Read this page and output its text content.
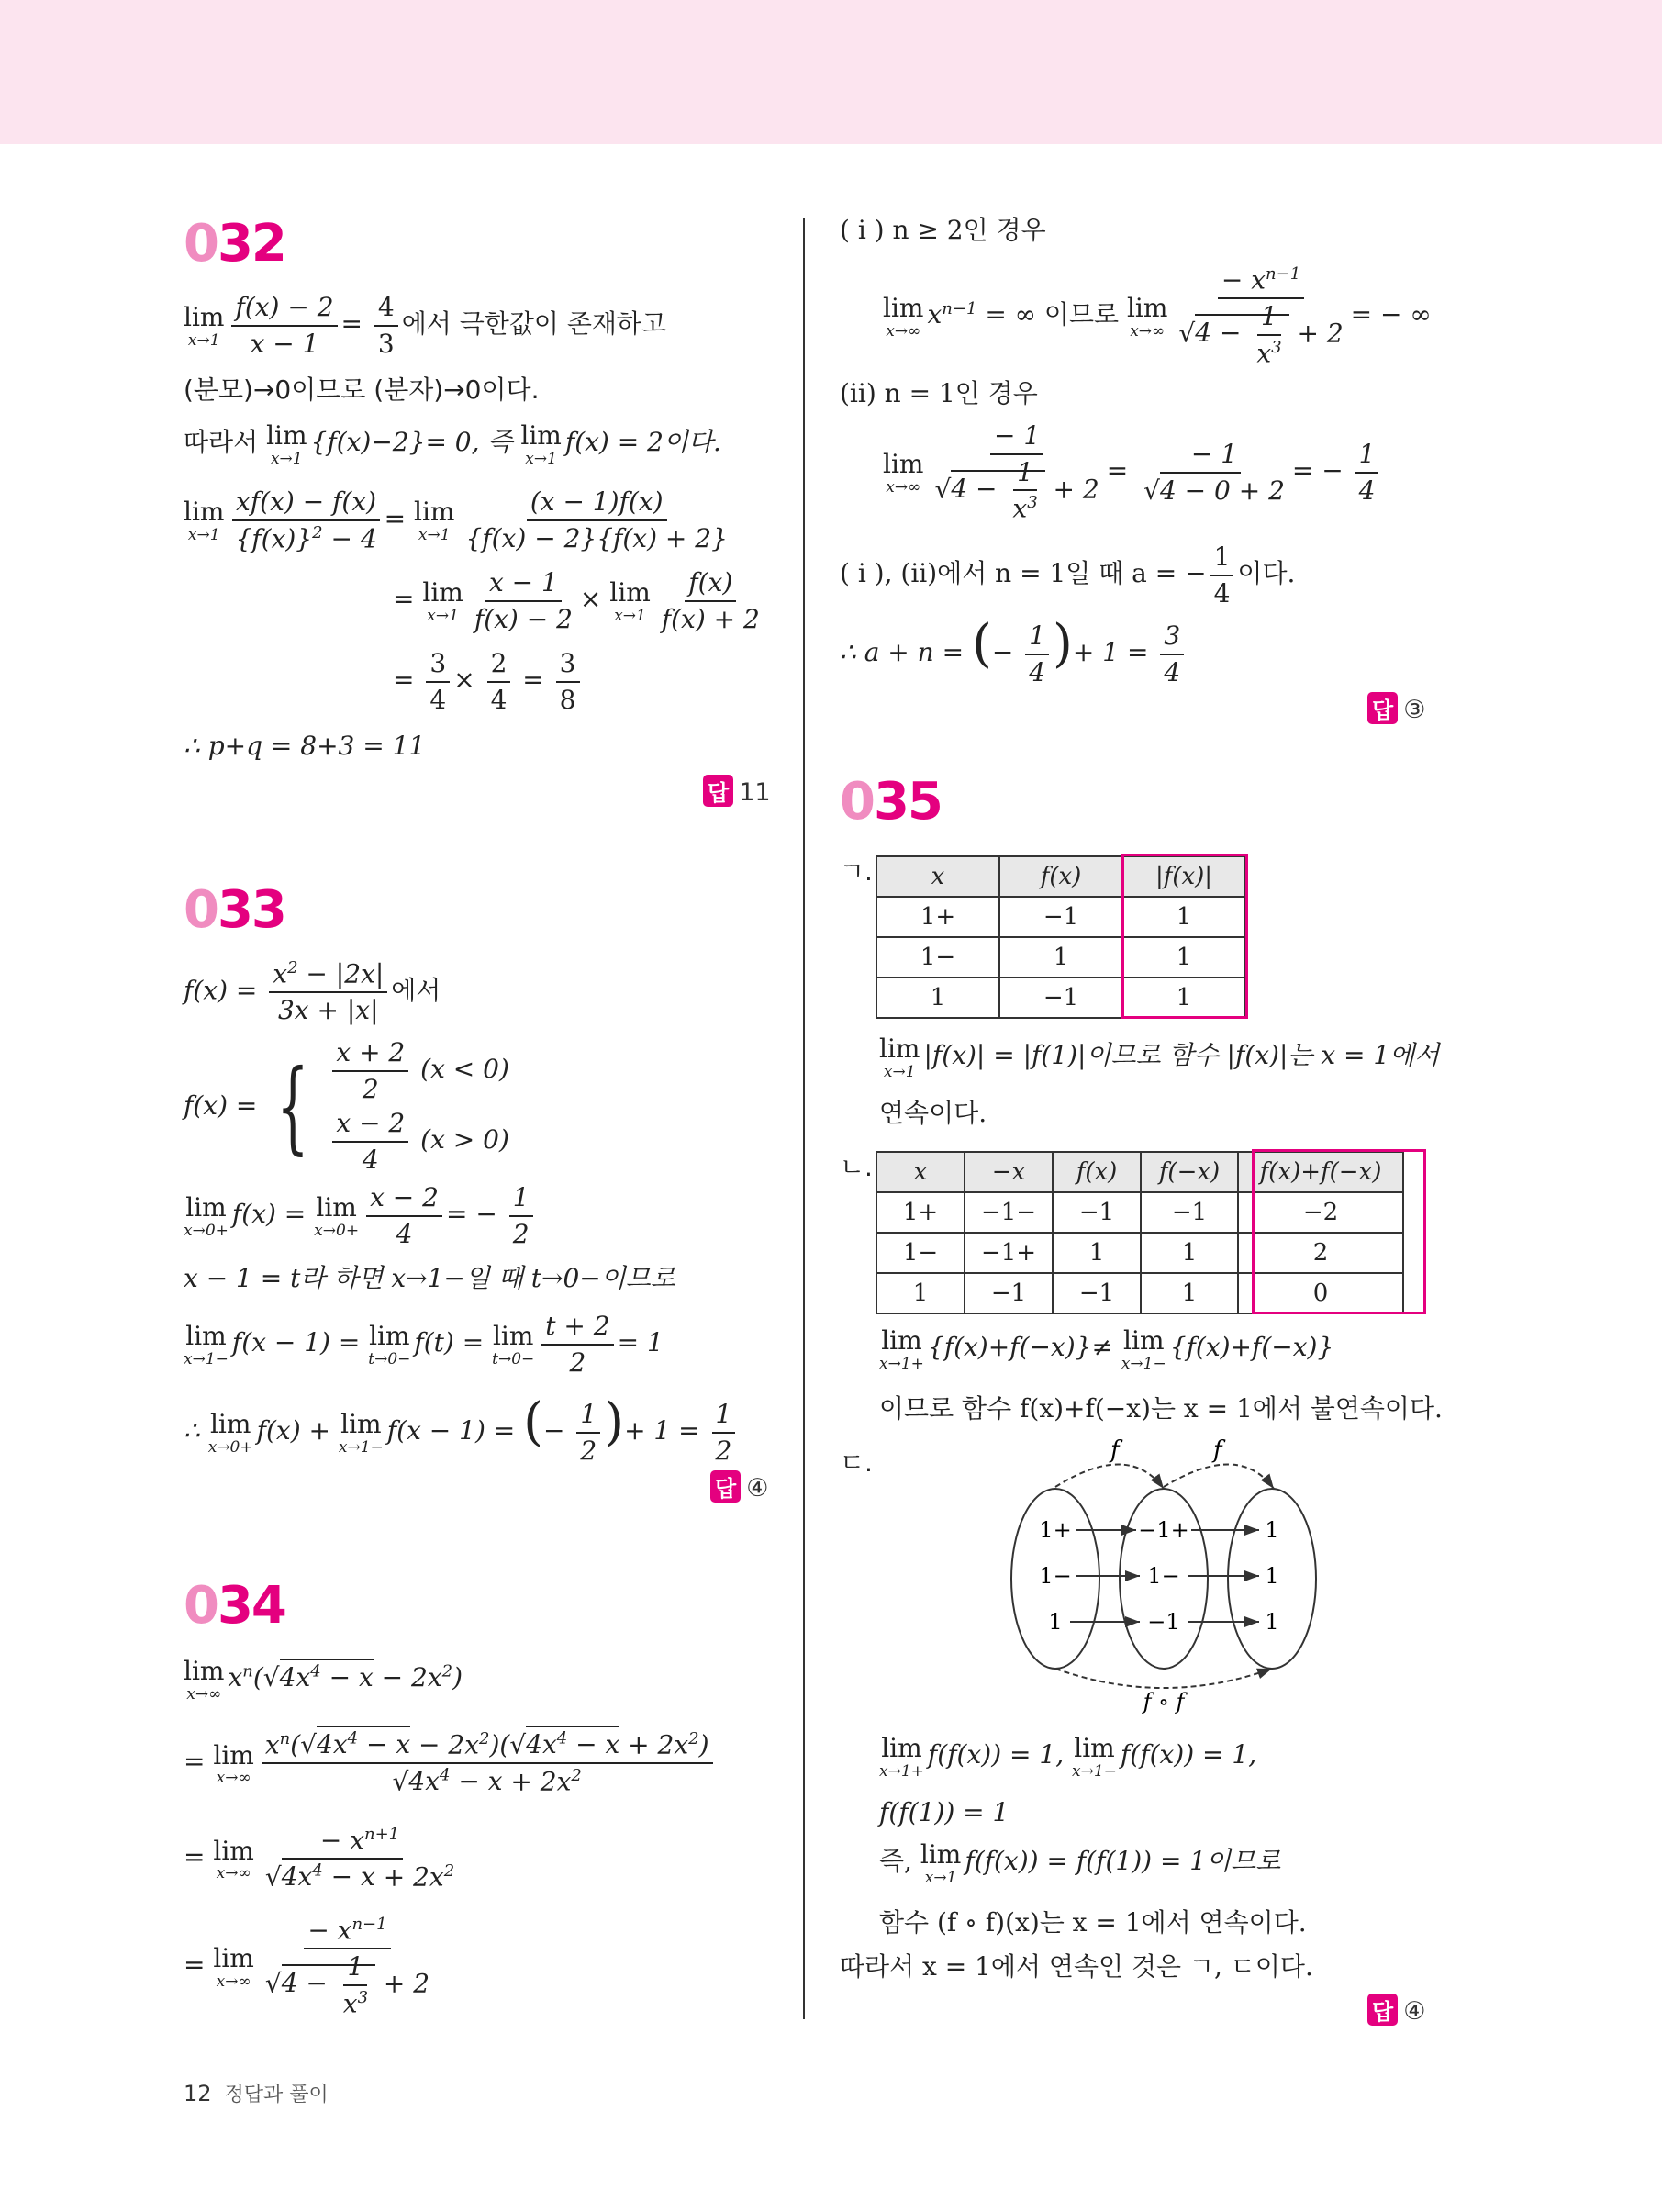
032
lim
$x\to 1 \frac{f(x) - 2}{x - 1} = \frac{4}{3}$ 에서 극한값이 존재하고
(분모)→0이므로 (분자)→0이다.
따라서 lim
x→1
{f(x)−2}= 0, 즉 lim
x→1
f(x) = 2이다.
lim
$x\to 1 \frac{xf(x) - f(x)}{\{f(x)\}^2 - 4} = \lim$
$x\to 1 \frac{(x - 1)f(x)}{\{f(x) - 2\}\{f(x) + 2\}}$
= lim
$x\to 1 \frac{x - 1}{f(x) - 2} \times \lim$
$x\to 1 \frac{f(x)}{f(x) + 2}$
= $\frac{3}{4} \times \frac{2}{4} = \frac{3}{8}$
∴ p+q = 8+3 = 11
답 11
033
$f(x) = \frac{x^2 - |2x|}{3x + |x|}$ 에서
f(x) = { $\frac{x + 2}{2} (x < 0)$
$\frac{x - 2}{4} (x > 0)$
lim
x→0+
f(x) = lim
$x\to 0+ \frac{x - 2}{4}$ = − $\frac{1}{2}$
x − 1 = t라 하면 x→1−일 때 t→0−이므로
lim
x→1−
f(x − 1) = lim
t→0−
f(t) = lim
$t\to 0- \frac{t + 2}{2} = 1$
∴ lim
x→0+
f(x) + lim
x→1−
f(x − 1) = (− $\frac{1}{2}$ )+ $1 = \frac{1}{2}$
답 ④
034
lim
x→∞
$x^n(√4x^4 - x - 2x^2)$
= lim
$x\to\infty \frac{x^n(√4x^4 - x - 2x^2)(√4x^4 - x + 2x^2)}{√4x^4 - x + 2x^2}$
= lim
$x\to\infty \frac{- x^{n+1}}{√4x^4 - x + 2x^2}$
= lim
$x\to\infty \frac{- x^{n-1}}{√4 - \frac{1}{x^3} + 2}$
( i ) n ≥ 2인 경우
lim
x→∞
$x^{n-1}$ = ∞ 이므로 lim
$x\to\infty \frac{- x^{n-1}}{√4 - \frac{1}{x^3} + 2}$ = − ∞
(ii) n = 1인 경우
lim
$x\to\infty \frac{- 1}{√4 - \frac{1}{x^3} + 2} = \frac{- 1}{√4 - 0 + 2}$ = − $\frac{1}{4}$
( i ), (ii)에서 n = 1일 때 a = − $\frac{1}{4}$ 이다.
∴ a + n = (− $\frac{1}{4}$ )+ $1 = \frac{3}{4}$
답 ③
035
ㄱ. x	f(x)	|f(x)|
1+	−1	1
1−	1	1
1	−1	1
lim
x→1
|f(x)| = |f(1)|이므로 함수 |f(x)|는 x = 1에서
연속이다.
ㄴ. x	−x	f(x)	f(−x)	f(x)+f(−x)
1+	−1−	−1	−1	−2
1−	−1+	1	1	2
1	−1	−1	1	0
lim
x→1+
{f(x)+f(−x)}≠ lim
x→1−
{f(x)+f(−x)}
이므로 함수 f(x)+f(−x)는 x = 1에서 불연속이다.
ㄷ.	f	f
1+
1−
1
−1+
1−
−1
1
1
1
f ∘ f
lim
x→1+
f(f(x)) = 1, lim
x→1−
f(f(x)) = 1,
f(f(1)) = 1
즉, lim
x→1
f(f(x)) = f(f(1)) = 1이므로
함수 (f ∘ f)(x)는 x = 1에서 연속이다.
따라서 x = 1에서 연속인 것은 ㄱ, ㄷ이다.
답 ④
12 정답과 풀이
